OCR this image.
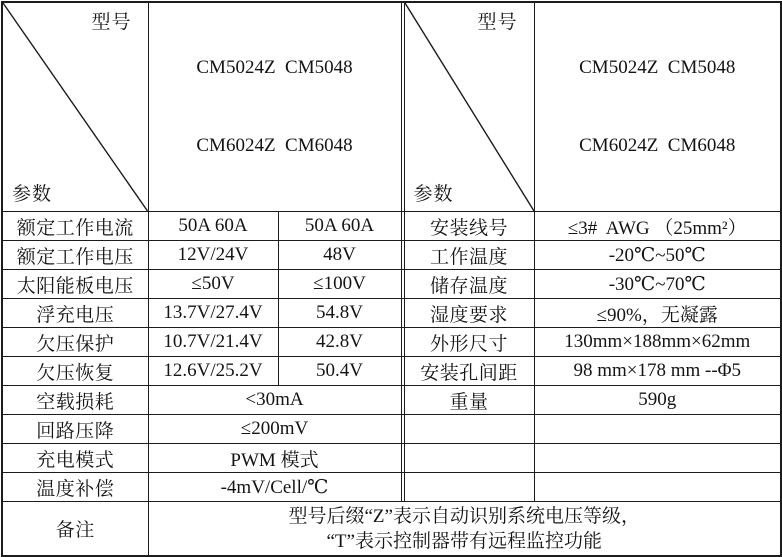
型号
参数

CM5024Z  CM5048

CM6024Z  CM6048

型号
参数

CM5024Z  CM5048

CM6024Z  CM6048

额定工作电流	50A 60A	50A 60A		安装线号	≤3#  AWG （25mm²）
额定工作电压	12V/24V	48V		工作温度	-20℃~50℃
太阳能板电压	≤50V	≤100V		储存温度	-30℃~70℃
浮充电压	13.7V/27.4V	54.8V		湿度要求	≤90%，无凝露
欠压保护	10.7V/21.4V	42.8V		外形尺寸	130mm×188mm×62mm
欠压恢复	12.6V/25.2V	50.4V		安装孔间距	98 mm×178 mm --Φ5
空载损耗	<30mA			重量	590g
回路压降	≤200mV				
充电模式	PWM 模式				
温度补偿	-4mV/Cell/℃				
备注	型号后缀“Z”表示自动识别系统电压等级，
“T”表示控制器带有远程监控功能				
